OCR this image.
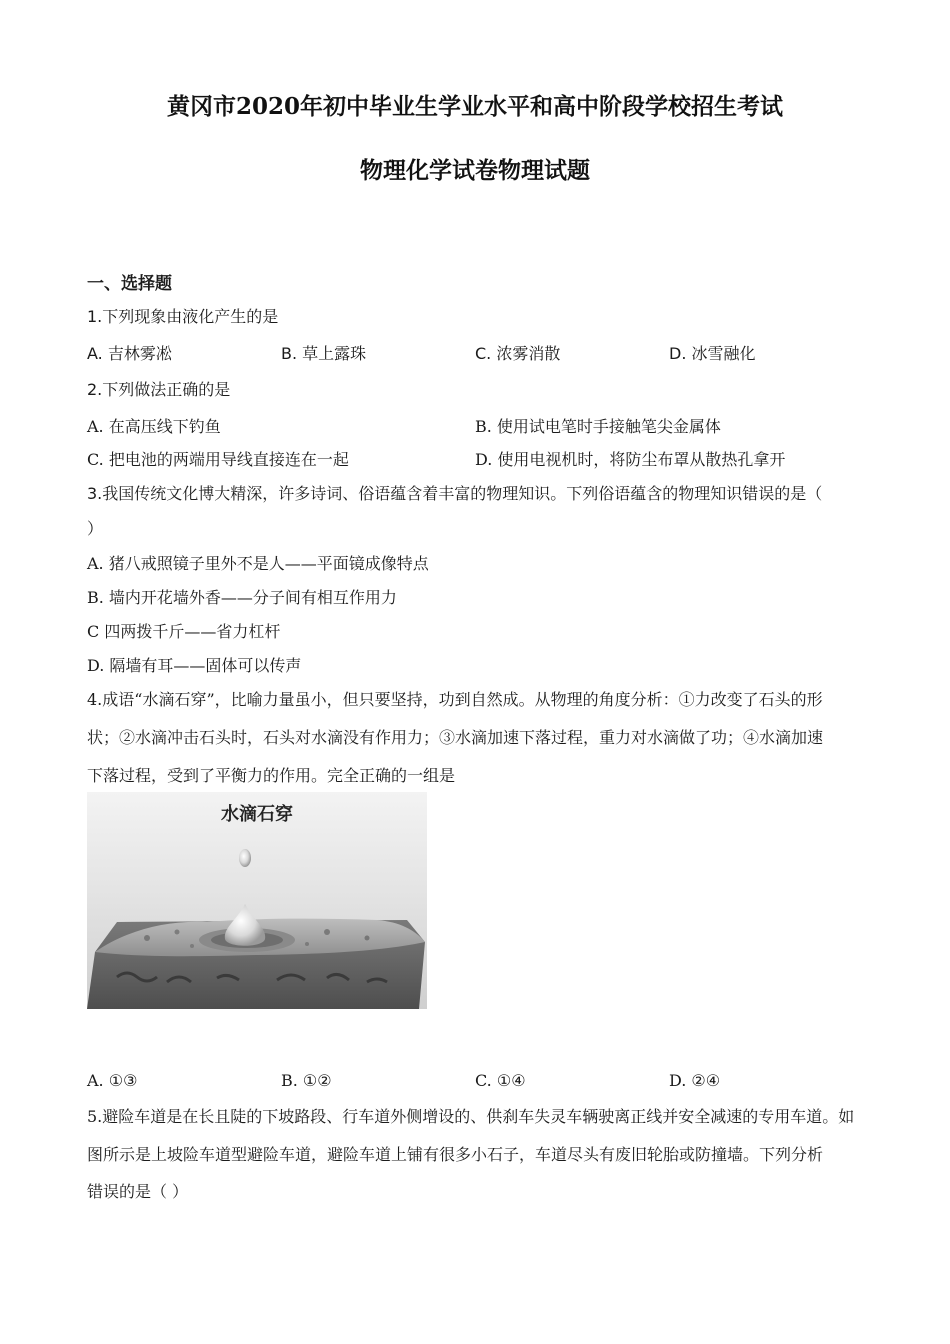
黄冈市2020年初中毕业生学业水平和高中阶段学校招生考试
物理化学试卷物理试题
一、选择题
1.下列现象由液化产生的是
A. 吉林雾凇	B. 草上露珠	C. 浓雾消散	D. 冰雪融化
2.下列做法正确的是
A. 在高压线下钓鱼	B. 使用试电笔时手接触笔尖金属体
C. 把电池的两端用导线直接连在一起	D. 使用电视机时，将防尘布罩从散热孔拿开
3.我国传统文化博大精深，许多诗词、俗语蕴含着丰富的物理知识。下列俗语蕴含的物理知识错误的是（
）
A. 猪八戒照镜子里外不是人——平面镜成像特点
B. 墙内开花墙外香——分子间有相互作用力
C 四两拨千斤——省力杠杆
D. 隔墙有耳——固体可以传声
4.成语“水滴石穿”，比喻力量虽小，但只要坚持，功到自然成。从物理的角度分析：①力改变了石头的形
状；②水滴冲击石头时，石头对水滴没有作用力；③水滴加速下落过程，重力对水滴做了功；④水滴加速
下落过程，受到了平衡力的作用。完全正确的一组是
水滴石穿
A. ①③	B. ①②	C. ①④	D. ②④
5.避险车道是在长且陡的下坡路段、行车道外侧增设的、供刹车失灵车辆驶离正线并安全减速的专用车道。如
图所示是上坡险车道型避险车道，避险车道上铺有很多小石子，车道尽头有废旧轮胎或防撞墙。下列分析
错误的是（ ）
